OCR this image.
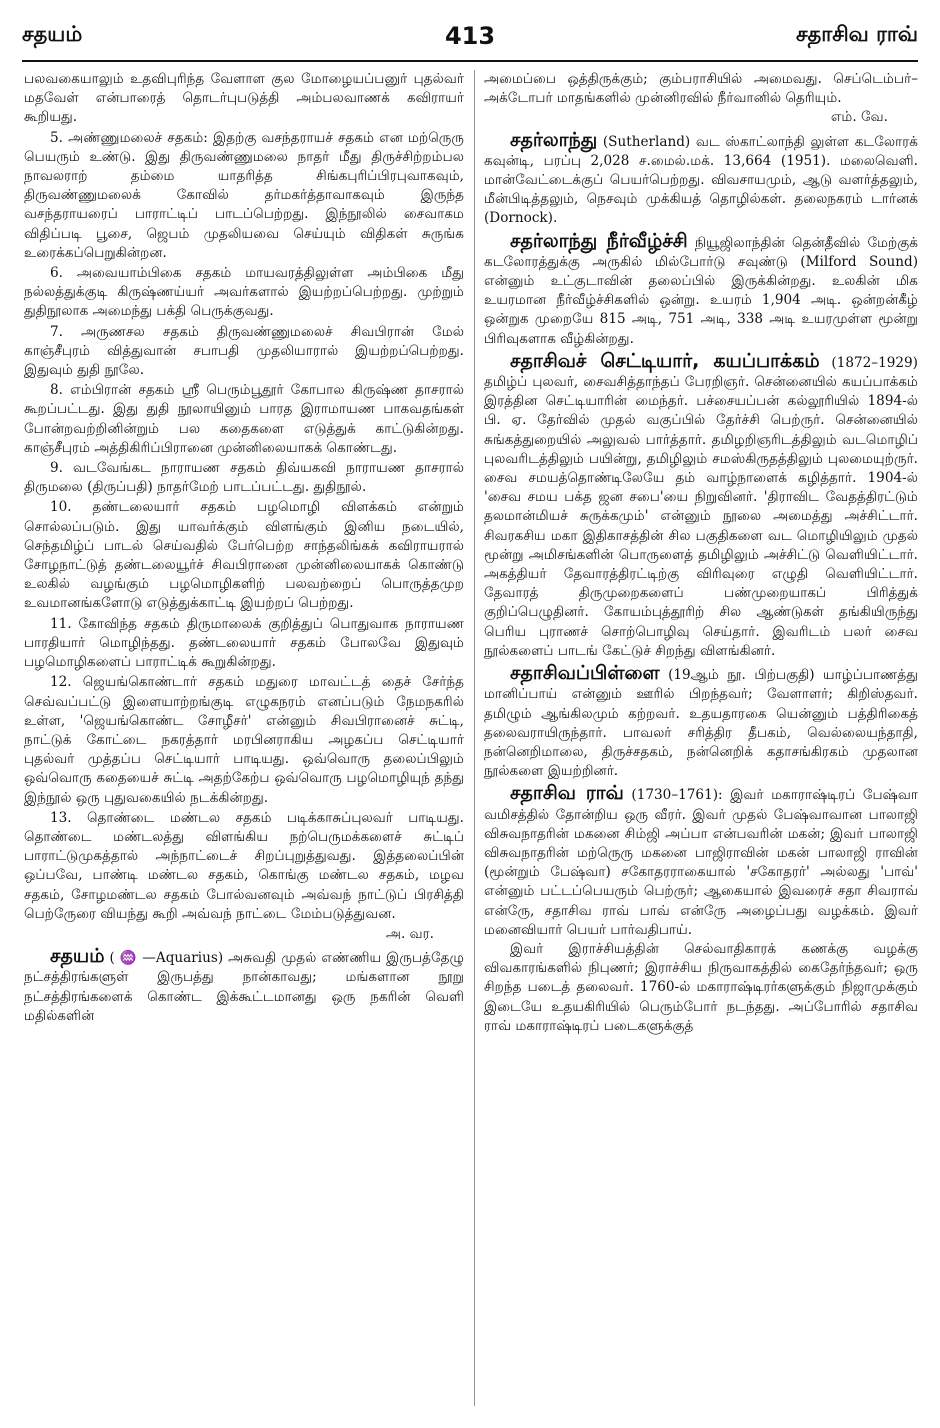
சதயம்	413	சதாசிவ ராவ்

பலவகையாலும் உதவிபுரிந்த வேளாள குல மோழையப்பனுர் புதல்வர் மதவேள் என்பாரைத் தொடர்புபடுத்தி அம்பலவாணக் கவிராயர் கூறியது.

5. அண்ணுமலைச் சதகம்: இதற்கு வசந்தராயச் சதகம் என மற்ருெரு பெயரும் உண்டு. இது திருவண்ணுமலை நாதர் மீது திருச்சிற்றம்பல நாவலராற் தம்மை யாதரித்த சிங்கபுரிப்பிரபுவாகவும், திருவண்ணுமலைக் கோவில் தர்மகர்த்தாவாகவும் இருந்த வசந்தராயரைப் பாராட்டிப் பாடப்பெற்றது. இந்நூலில் சைவாகம விதிப்படி பூசை, ஜெபம் முதலியவை செய்யும் விதிகள் சுருங்க உரைக்கப்பெறுகின்றன.

6. அவையாம்பிகை சதகம் மாயவரத்திலுள்ள அம்பிகை மீது நல்லத்துக்குடி கிருஷ்ணய்யர் அவர்களால் இயற்றப்பெற்றது. முற்றும் துதிநூலாக அமைந்து பக்தி பெருக்குவது.

7. அருணசல சதகம் திருவண்ணுமலைச் சிவபிரான் மேல் காஞ்சீபுரம் வித்துவான் சபாபதி முதலியாரால் இயற்றப்பெற்றது. இதுவும் துதி நூலே.

8. எம்பிரான் சதகம் ஸ்ரீ பெரும்பூதூர் கோபால கிருஷ்ண தாசரால் கூறப்பட்டது. இது துதி நூலாயினும் பாரத இராமாயண பாகவதங்கள் போன்றவற்றினின்றும் பல கதைகளை எடுத்துக் காட்டுகின்றது. காஞ்சீபுரம் அத்திகிரிப்பிரானை முன்னிலையாகக் கொண்டது.

9. வடவேங்கட நாராயண சதகம் திவ்யகவி நாராயண தாசரால் திருமலை (திருப்பதி) நாதர்மேற் பாடப்பட்டது. துதிநூல்.

10. தண்டலையார் சதகம் பழமொழி விளக்கம் என்றும் சொல்லப்படும். இது யாவர்க்கும் விளங்கும் இனிய நடையில், செந்தமிழ்ப் பாடல் செய்வதில் பேர்பெற்ற சாந்தலிங்கக் கவிராயரால் சோழநாட்டுத் தண்டலையூர்ச் சிவபிரானை முன்னிலையாகக் கொண்டு உலகில் வழங்கும் பழமொழிகளிற் பலவற்றைப் பொருத்தமுற உவமானங்களோடு எடுத்துக்காட்டி இயற்றப் பெற்றது.

11. கோவிந்த சதகம் திருமாலைக் குறித்துப் பொதுவாக நாராயண பாரதியார் மொழிந்தது. தண்டலையார் சதகம் போலவே இதுவும் பழமொழிகளைப் பாராட்டிக் கூறுகின்றது.

12. ஜெயங்கொண்டார் சதகம் மதுரை மாவட்டத் தைச் சேர்ந்த செவ்வப்பட்டு இளையாற்றங்குடி எழுகநரம் எனப்படும் நேமநகரில் உள்ள, 'ஜெயங்கொண்ட சோழீசர்' என்னும் சிவபிரானைச் சுட்டி, நாட்டுக் கோட்டை நகரத்தார் மரபினராகிய அழகப்ப செட்டியார் புதல்வர் முத்தப்ப செட்டியார் பாடியது. ஒவ்வொரு தலைப்பிலும் ஒவ்வொரு கதையைச் சுட்டி அதற்கேற்ப ஒவ்வொரு பழமொழியுந் தந்து இந்நூல் ஒரு புதுவகையில் நடக்கின்றது.

13. தொண்டை மண்டல சதகம் படிக்காசுப்புலவர் பாடியது. தொண்டை மண்டலத்து விளங்கிய நற்பெருமக்களைச் சுட்டிப் பாராட்டுமுகத்தால் அந்நாட்டைச் சிறப்புறுத்துவது. இத்தலைப்பின் ஒப்பவே, பாண்டி மண்டல சதகம், கொங்கு மண்டல சதகம், மழவ சதகம், சோழமண்டல சதகம் போல்வனவும் அவ்வந் நாட்டுப் பிரசித்தி பெற்ருேரை வியந்து கூறி அவ்வந் நாட்டை மேம்படுத்துவன.

அ. வர.

சதயம் ( ♒ —Aquarius) அசுவதி முதல் எண்ணிய இருபத்தேழு நட்சத்திரங்களுள் இருபத்து நான்காவது; மங்களான நூறு நட்சத்திரங்களைக் கொண்ட இக்கூட்டமானது ஒரு நகரின் வெளி மதில்களின்

அமைப்பை ஒத்திருக்கும்; கும்பராசியில் அமைவது. செப்டெம்பர்–அக்டோபர் மாதங்களில் முன்னிரவில் நீர்வானில் தெரியும்.

எம். வே.

சதர்லாந்து (Sutherland) வட ஸ்காட்லாந்தி லுள்ள கடலோரக் கவுன்டி, பரப்பு 2,028 ச.மைல்.மக். 13,664 (1951). மலைவெளி. மான்வேட்டைக்குப் பெயர்பெற்றது. விவசாயமும், ஆடு வளர்த்தலும், மீன்பிடித்தலும், நெசவும் முக்கியத் தொழில்கள். தலைநகரம் டார்னக் (Dornock).

சதர்லாந்து நீர்வீழ்ச்சி நியூஜிலாந்தின் தென்தீவில் மேற்குக் கடலோரத்துக்கு அருகில் மில்போர்டு சவுண்டு (Milford Sound) என்னும் உட்குடாவின் தலைப்பில் இருக்கின்றது. உலகின் மிக உயரமான நீர்வீழ்ச்சிகளில் ஒன்று. உயரம் 1,904 அடி. ஒன்றன்கீழ் ஒன்றுக முறையே 815 அடி, 751 அடி, 338 அடி உயரமுள்ள மூன்று பிரிவுகளாக வீழ்கின்றது.

சதாசிவச் செட்டியார், கயப்பாக்கம் (1872–1929) தமிழ்ப் புலவர், சைவசித்தாந்தப் பேரறிஞர். சென்னையில் கயப்பாக்கம் இரத்தின செட்டியாரின் மைந்தர். பச்சையப்பன் கல்லூரியில் 1894-ல் பி. ஏ. தேர்வில் முதல் வகுப்பில் தேர்ச்சி பெற்ருர். சென்னையில் சுங்கத்துறையில் அலுவல் பார்த்தார். தமிழறிஞரிடத்திலும் வடமொழிப் புலவரிடத்திலும் பயின்று, தமிழிலும் சமஸ்கிருதத்திலும் புலமையுற்ருர். சைவ சமயத்தொண்டிலேயே தம் வாழ்நாளைக் கழித்தார். 1904-ல் 'சைவ சமய பக்த ஜன சபை'யை நிறுவினர். 'திராவிட வேதத்திரட்டும் தலமான்மியச் சுருக்கமும்' என்னும் நூலை அமைத்து அச்சிட்டார். சிவரகசிய மகா இதிகாசத்தின் சில பகுதிகளை வட மொழியிலும் முதல் மூன்று அமிசங்களின் பொருளைத் தமிழிலும் அச்சிட்டு வெளியிட்டார். அகத்தியர் தேவாரத்திரட்டிற்கு விரிவுரை எழுதி வெளியிட்டார். தேவாரத் திருமுறைகளைப் பண்முறையாகப் பிரித்துக் குறிப்பெழுதினர். கோயம்புத்தூரிற் சில ஆண்டுகள் தங்கியிருந்து பெரிய புராணச் சொற்பொழிவு செய்தார். இவரிடம் பலர் சைவ நூல்களைப் பாடங் கேட்டுச் சிறந்து விளங்கினர்.

சதாசிவப்பிள்ளை (19ஆம் நூ. பிற்பகுதி) யாழ்ப்பாணத்து மானிப்பாய் என்னும் ஊரில் பிறந்தவர்; வேளாளர்; கிறிஸ்தவர். தமிழும் ஆங்கிலமும் கற்றவர். உதயதாரகை யென்னும் பத்திரிகைத் தலைவராயிருந்தார். பாவலர் சரித்திர தீபகம், வெல்லையந்தாதி, நன்னெறிமாலை, திருச்சதகம், நன்னெறிக் கதாசங்கிரகம் முதலான நூல்களை இயற்றினர்.

சதாசிவ ராவ் (1730–1761): இவர் மகாராஷ்டிரப் பேஷ்வா வமிசத்தில் தோன்றிய ஒரு வீரர். இவர் முதல் பேஷ்வாவான பாலாஜி விசுவநாதரின் மகனை சிம்ஜி அப்பா என்பவரின் மகன்; இவர் பாலாஜி விசுவநாதரின் மற்ருெரு மகனை பாஜிராவின் மகன் பாலாஜி ராவின் (மூன்றும் பேஷ்வா) சகோதரராகையால் 'சகோதரர்' அல்லது 'பாவ்' என்னும் பட்டப்பெயரும் பெற்ருர்; ஆகையால் இவரைச் சதா சிவராவ் என்ருே, சதாசிவ ராவ் பாவ் என்ருே அழைப்பது வழக்கம். இவர் மனைவியார் பெயர் பார்வதிபாய்.

இவர் இராச்சியத்தின் செல்வாதிகாரக் கணக்கு வழக்கு விவகாரங்களில் நிபுணர்; இராச்சிய நிருவாகத்தில் கைதேர்ந்தவர்; ஒரு சிறந்த படைத் தலைவர். 1760-ல் மகாராஷ்டிரர்களுக்கும் நிஜாமுக்கும் இடையே உதயகிரியில் பெரும்போர் நடந்தது. அப்போரில் சதாசிவ ராவ் மகாராஷ்டிரப் படைகளுக்குத்
